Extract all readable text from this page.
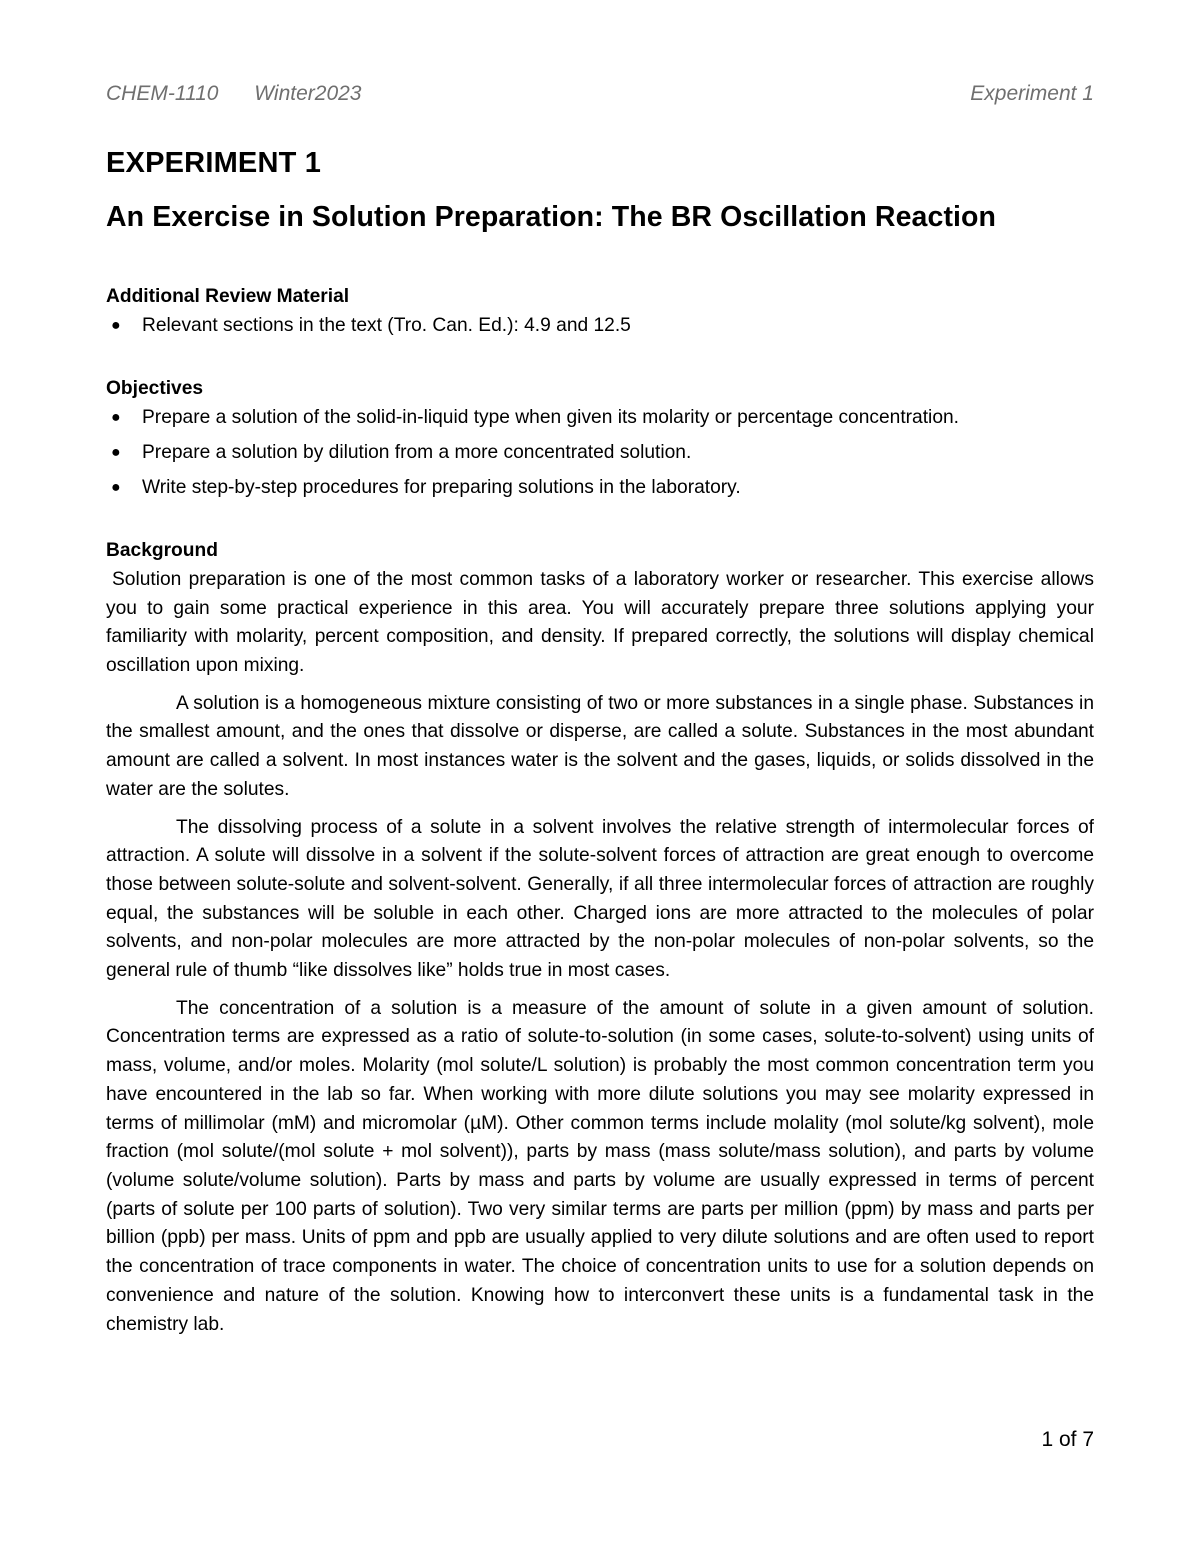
CHEM-1110 Winter2023	Experiment 1
EXPERIMENT 1
An Exercise in Solution Preparation: The BR Oscillation Reaction
Additional Review Material
● Relevant sections in the text (Tro. Can. Ed.): 4.9 and 12.5
Objectives
● Prepare a solution of the solid-in-liquid type when given its molarity or percentage concentration.
● Prepare a solution by dilution from a more concentrated solution.
● Write step-by-step procedures for preparing solutions in the laboratory.
Background

Solution preparation is one of the most common tasks of a laboratory worker or researcher. This exercise allows you to gain some practical experience in this area. You will accurately prepare three solutions applying your familiarity with molarity, percent composition, and density. If prepared correctly, the solutions will display chemical oscillation upon mixing.

A solution is a homogeneous mixture consisting of two or more substances in a single phase. Substances in the smallest amount, and the ones that dissolve or disperse, are called a solute. Substances in the most abundant amount are called a solvent. In most instances water is the solvent and the gases, liquids, or solids dissolved in the water are the solutes.

The dissolving process of a solute in a solvent involves the relative strength of intermolecular forces of attraction. A solute will dissolve in a solvent if the solute-solvent forces of attraction are great enough to overcome those between solute-solute and solvent-solvent. Generally, if all three intermolecular forces of attraction are roughly equal, the substances will be soluble in each other. Charged ions are more attracted to the molecules of polar solvents, and non-polar molecules are more attracted by the non-polar molecules of non-polar solvents, so the general rule of thumb “like dissolves like” holds true in most cases.

The concentration of a solution is a measure of the amount of solute in a given amount of solution. Concentration terms are expressed as a ratio of solute-to-solution (in some cases, solute-to-solvent) using units of mass, volume, and/or moles. Molarity (mol solute/L solution) is probably the most common concentration term you have encountered in the lab so far. When working with more dilute solutions you may see molarity expressed in terms of millimolar (mM) and micromolar (µM). Other common terms include molality (mol solute/kg solvent), mole fraction (mol solute/(mol solute + mol solvent)), parts by mass (mass solute/mass solution), and parts by volume (volume solute/volume solution). Parts by mass and parts by volume are usually expressed in terms of percent (parts of solute per 100 parts of solution). Two very similar terms are parts per million (ppm) by mass and parts per billion (ppb) per mass. Units of ppm and ppb are usually applied to very dilute solutions and are often used to report the concentration of trace components in water. The choice of concentration units to use for a solution depends on convenience and nature of the solution. Knowing how to interconvert these units is a fundamental task in the chemistry lab.

1 of 7
